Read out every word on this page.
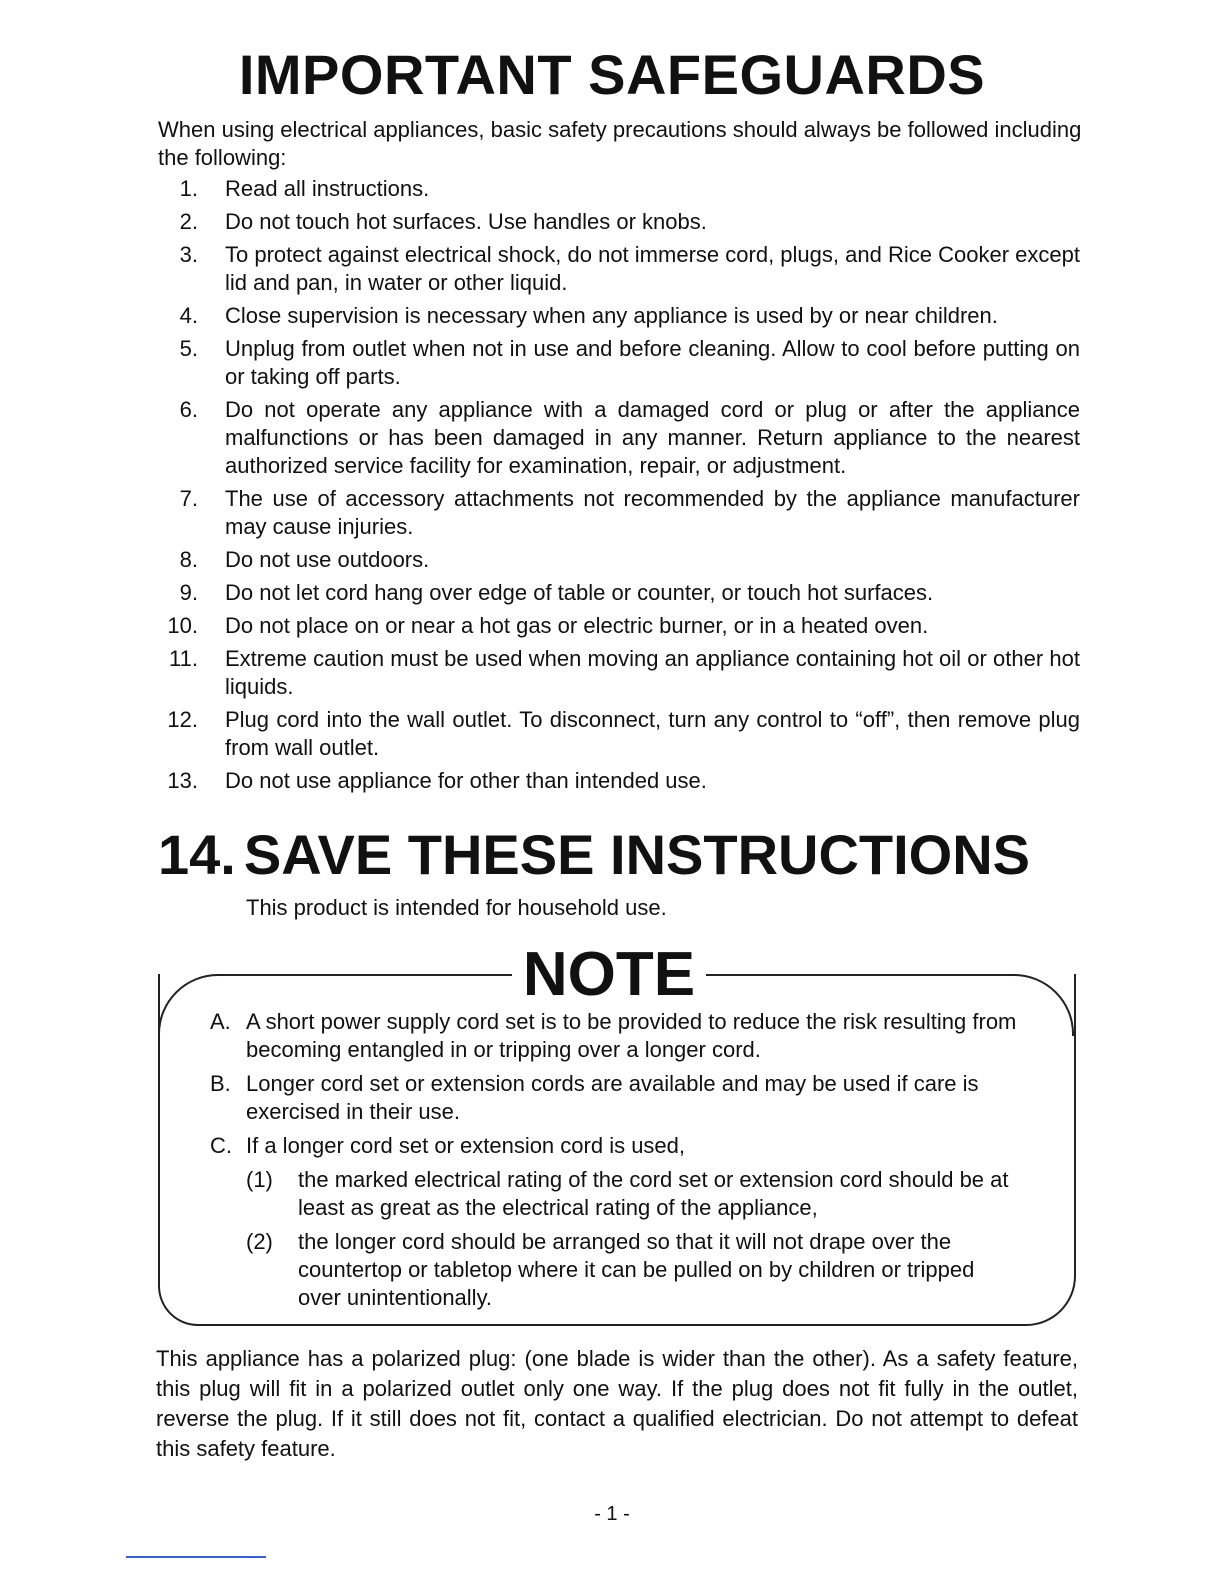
IMPORTANT SAFEGUARDS

When using electrical appliances, basic safety precautions should always be followed including the following:

1. Read all instructions.
2. Do not touch hot surfaces. Use handles or knobs.
3. To protect against electrical shock, do not immerse cord, plugs, and Rice Cooker except lid and pan, in water or other liquid.
4. Close supervision is necessary when any appliance is used by or near children.
5. Unplug from outlet when not in use and before cleaning. Allow to cool before putting on or taking off parts.
6. Do not operate any appliance with a damaged cord or plug or after the appliance malfunctions or has been damaged in any manner. Return appliance to the nearest authorized service facility for examination, repair, or adjustment.
7. The use of accessory attachments not recommended by the appliance manufacturer may cause injuries.
8. Do not use outdoors.
9. Do not let cord hang over edge of table or counter, or touch hot surfaces.
10. Do not place on or near a hot gas or electric burner, or in a heated oven.
11. Extreme caution must be used when moving an appliance containing hot oil or other hot liquids.
12. Plug cord into the wall outlet. To disconnect, turn any control to “off”, then remove plug from wall outlet.
13. Do not use appliance for other than intended use.
14. SAVE THESE INSTRUCTIONS

This product is intended for household use.

NOTE
A. A short power supply cord set is to be provided to reduce the risk resulting from becoming entangled in or tripping over a longer cord.
B. Longer cord set or extension cords are available and may be used if care is exercised in their use.
C. If a longer cord set or extension cord is used,
(1) the marked electrical rating of the cord set or extension cord should be at least as great as the electrical rating of the appliance,
(2) the longer cord should be arranged so that it will not drape over the countertop or tabletop where it can be pulled on by children or tripped over unintentionally.

This appliance has a polarized plug: (one blade is wider than the other). As a safety feature, this plug will fit in a polarized outlet only one way. If the plug does not fit fully in the outlet, reverse the plug. If it still does not fit, contact a qualified electrician. Do not attempt to defeat this safety feature.

- 1 -
